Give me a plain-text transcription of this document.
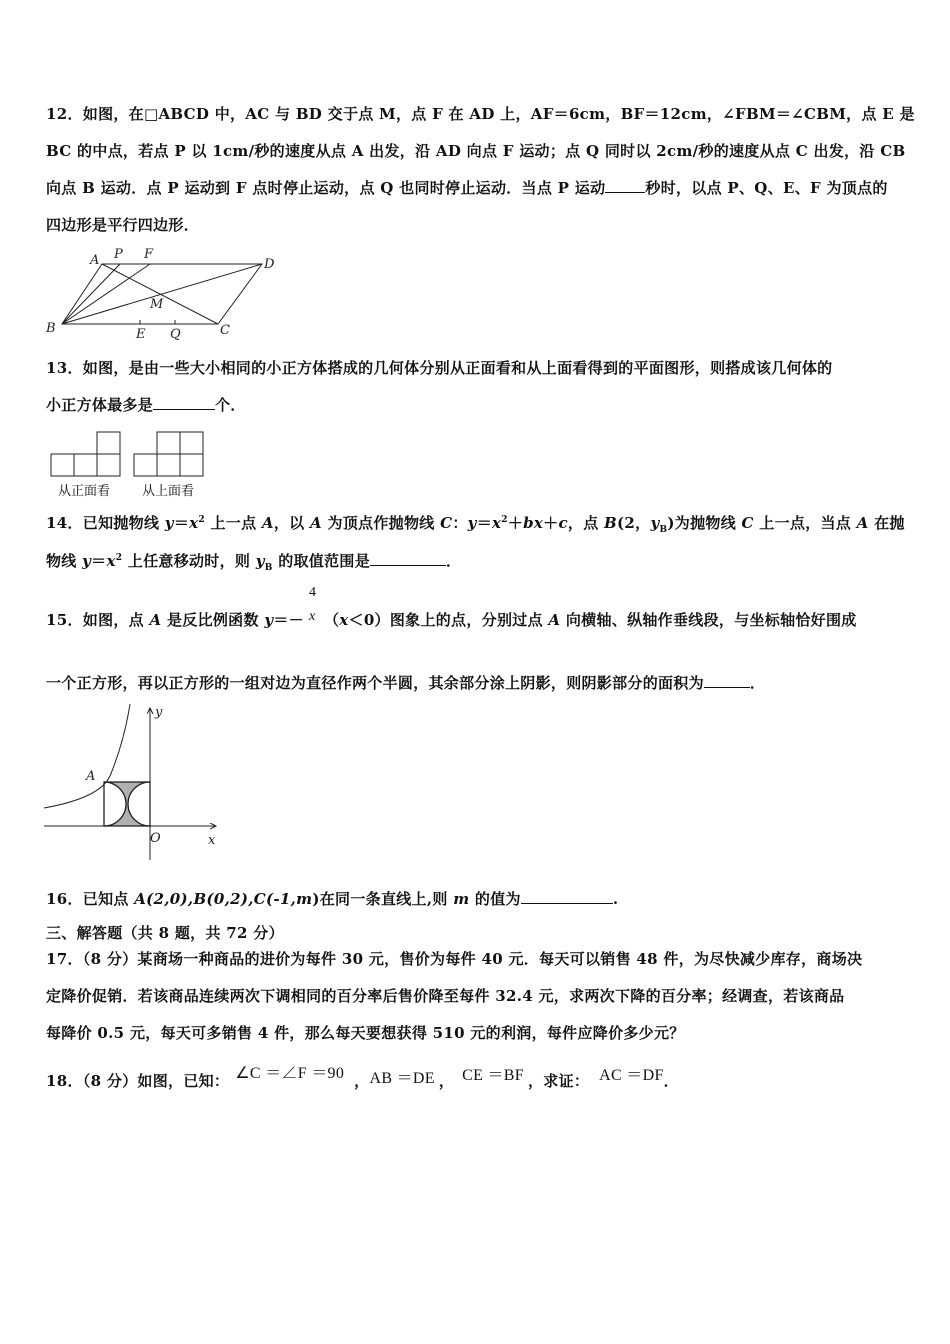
12．如图，在□ABCD 中，AC 与 BD 交于点 M，点 F 在 AD 上，AF＝6cm，BF＝12cm，∠FBM＝∠CBM，点 E 是
BC 的中点，若点 P 以 1cm/秒的速度从点 A 出发，沿 AD 向点 F 运动；点 Q 同时以 2cm/秒的速度从点 C 出发，沿 CB
向点 B 运动．点 P 运动到 F 点时停止运动，点 Q 也同时停止运动．当点 P 运动	秒时，以点 P、Q、E、F 为顶点的
四边形是平行四边形．
A P F
D
M
B	E Q	C
13．如图，是由一些大小相同的小正方体搭成的几何体分别从正面看和从上面看得到的平面图形，则搭成该几何体的
小正方体最多是	个．
从正面看 从上面看
14．已知抛物线 $y=x^2$ 上一点 A，以 A 为顶点作抛物线 C：$y=x^2+bx+c$，点 B(2，$y_B$)为抛物线 C 上一点，当点 A 在抛
物线 $y=x^2$ 上任意移动时，则 $y_B$ 的取值范围是	．
15．如图，点 A 是反比例函数 y＝－
4
x （x＜0）图象上的点，分别过点 A 向横轴、纵轴作垂线段，与坐标轴恰好围成
一个正方形，再以正方形的一组对边为直径作两个半圆，其余部分涂上阴影，则阴影部分的面积为	．
y
A
O	x
16．已知点 A(2,0),B(0,2),C(-1,m)在同一条直线上,则 m 的值为	.
三、解答题（共 8 题，共 72 分）
17．（8 分）某商场一种商品的进价为每件 30 元，售价为每件 40 元．每天可以销售 48 件，为尽快减少库存，商场决
定降价促销．若该商品连续两次下调相同的百分率后售价降至每件 32.4 元，求两次下降的百分率；经调查，若该商品
每降价 0.5 元，每天可多销售 4 件，那么每天要想获得 510 元的利润，每件应降价多少元？
18．（8 分）如图，已知： ∠C ＝∠F ＝90 ，AB ＝DE ， CE ＝BF ，求证： AC ＝DF．
